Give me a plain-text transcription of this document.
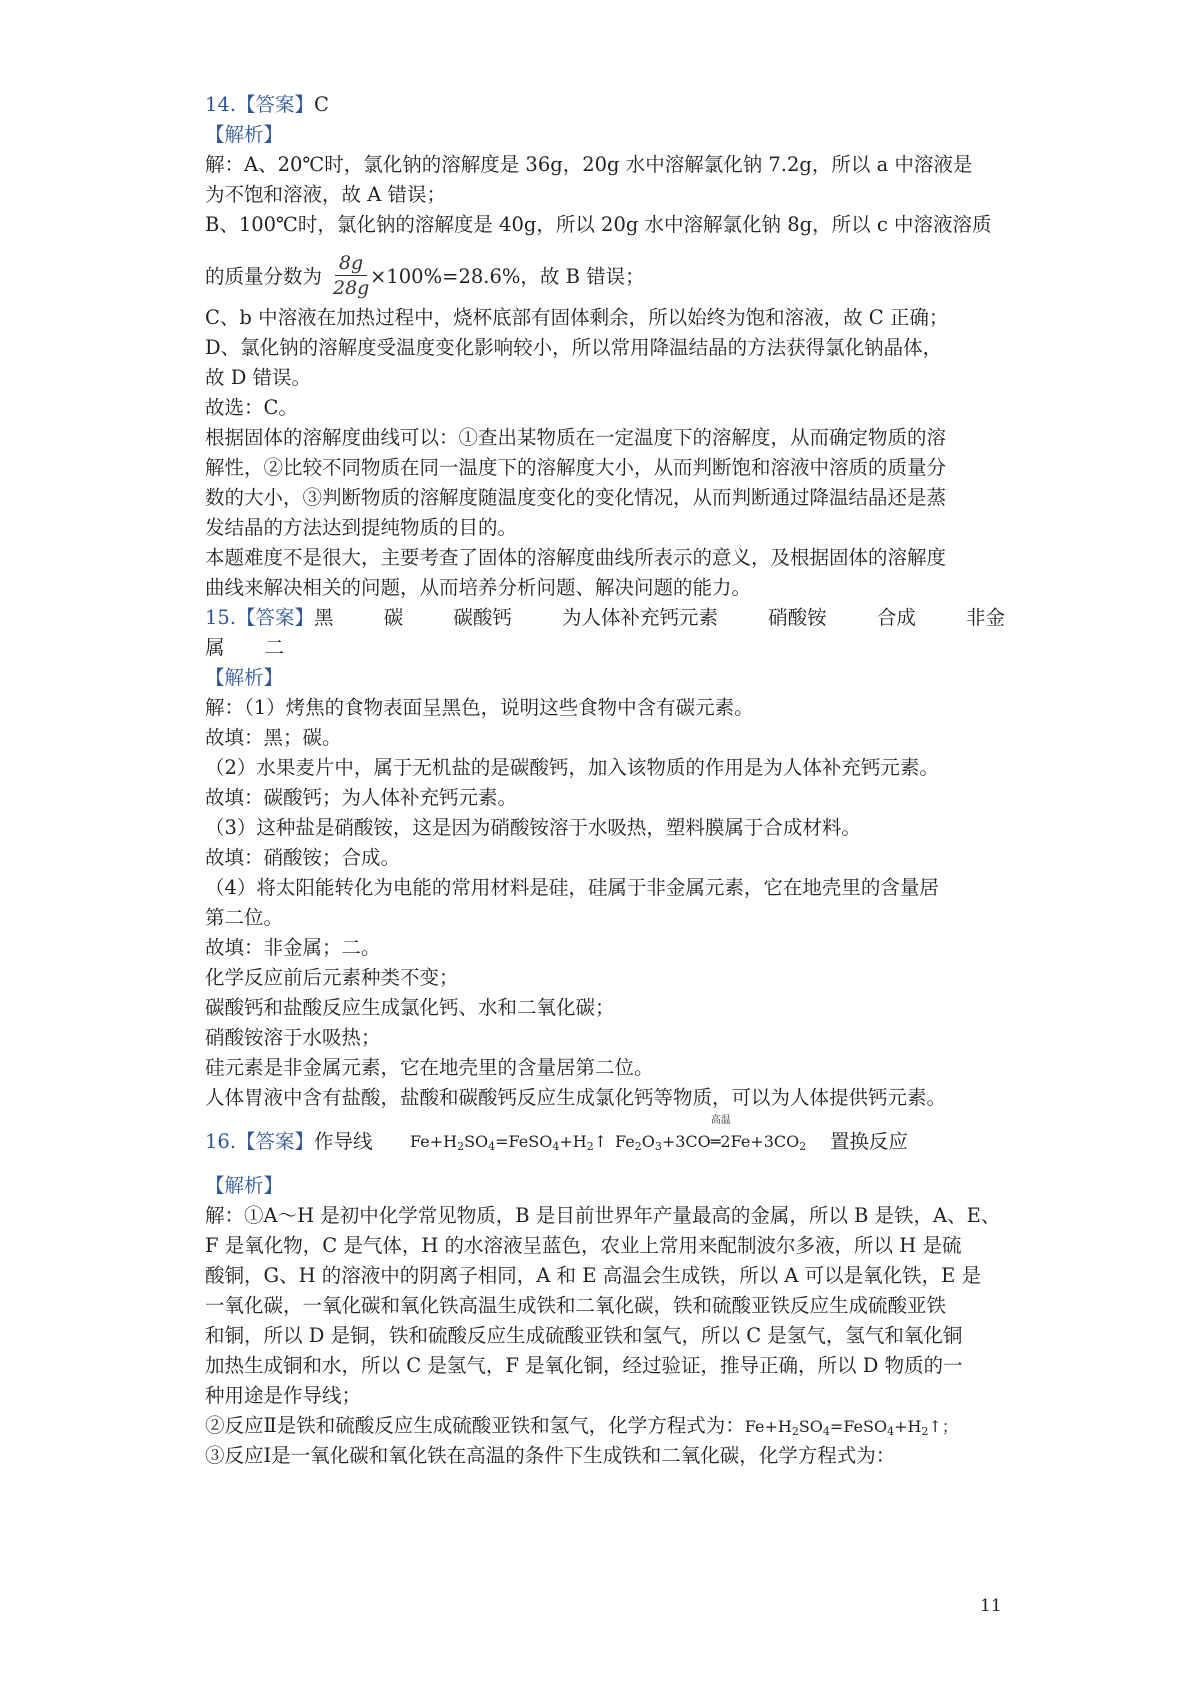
14.【答案】C
【解析】
解：A、20℃时，氯化钠的溶解度是 36g，20g 水中溶解氯化钠 7.2g，所以 a 中溶液是
为不饱和溶液，故 A 错误；
B、100℃时，氯化钠的溶解度是 40g，所以 20g 水中溶解氯化钠 8g，所以 c 中溶液溶质
的质量分数为 ×100%=28.6%，故 B 错误；
8g
28g
C、b 中溶液在加热过程中，烧杯底部有固体剩余，所以始终为饱和溶液，故 C 正确；
D、氯化钠的溶解度受温度变化影响较小，所以常用降温结晶的方法获得氯化钠晶体，
故 D 错误。
故选：C。
根据固体的溶解度曲线可以：①查出某物质在一定温度下的溶解度，从而确定物质的溶
解性，②比较不同物质在同一温度下的溶解度大小，从而判断饱和溶液中溶质的质量分
数的大小，③判断物质的溶解度随温度变化的变化情况，从而判断通过降温结晶还是蒸
发结晶的方法达到提纯物质的目的。
本题难度不是很大，主要考查了固体的溶解度曲线所表示的意义，及根据固体的溶解度
曲线来解决相关的问题，从而培养分析问题、解决问题的能力。
15.【答案】黑	碳	碳酸钙	为人体补充钙元素	硝酸铵	合成	非金
属 二
【解析】
解：（1）烤焦的食物表面呈黑色，说明这些食物中含有碳元素。
故填：黑；碳。
（2）水果麦片中，属于无机盐的是碳酸钙，加入该物质的作用是为人体补充钙元素。
故填：碳酸钙；为人体补充钙元素。
（3）这种盐是硝酸铵，这是因为硝酸铵溶于水吸热，塑料膜属于合成材料。
故填：硝酸铵；合成。
（4）将太阳能转化为电能的常用材料是硅，硅属于非金属元素，它在地壳里的含量居
第二位。
故填：非金属；二。
化学反应前后元素种类不变；
碳酸钙和盐酸反应生成氯化钙、水和二氧化碳；
硝酸铵溶于水吸热；
硅元素是非金属元素，它在地壳里的含量居第二位。
人体胃液中含有盐酸，盐酸和碳酸钙反应生成氯化钙等物质，可以为人体提供钙元素。
16.【答案】作导线 $Fe+H_2SO_4=FeSO_4+H_2↑$ $Fe_2O_3+3CO$
高温
$═2Fe+3CO_2$ 置换反应
【解析】
解：①A～H 是初中化学常见物质，B 是目前世界年产量最高的金属，所以 B 是铁，A、E、
F 是氧化物，C 是气体，H 的水溶液呈蓝色，农业上常用来配制波尔多液，所以 H 是硫
酸铜，G、H 的溶液中的阴离子相同，A 和 E 高温会生成铁，所以 A 可以是氧化铁，E 是
一氧化碳，一氧化碳和氧化铁高温生成铁和二氧化碳，铁和硫酸亚铁反应生成硫酸亚铁
和铜，所以 D 是铜，铁和硫酸反应生成硫酸亚铁和氢气，所以 C 是氢气，氢气和氧化铜
加热生成铜和水，所以 C 是氢气，F 是氧化铜，经过验证，推导正确，所以 D 物质的一
种用途是作导线；
②反应Ⅱ是铁和硫酸反应生成硫酸亚铁和氢气，化学方程式为：$Fe+H_2SO_4=FeSO_4+H_2↑$；
③反应Ⅰ是一氧化碳和氧化铁在高温的条件下生成铁和二氧化碳，化学方程式为：
11
